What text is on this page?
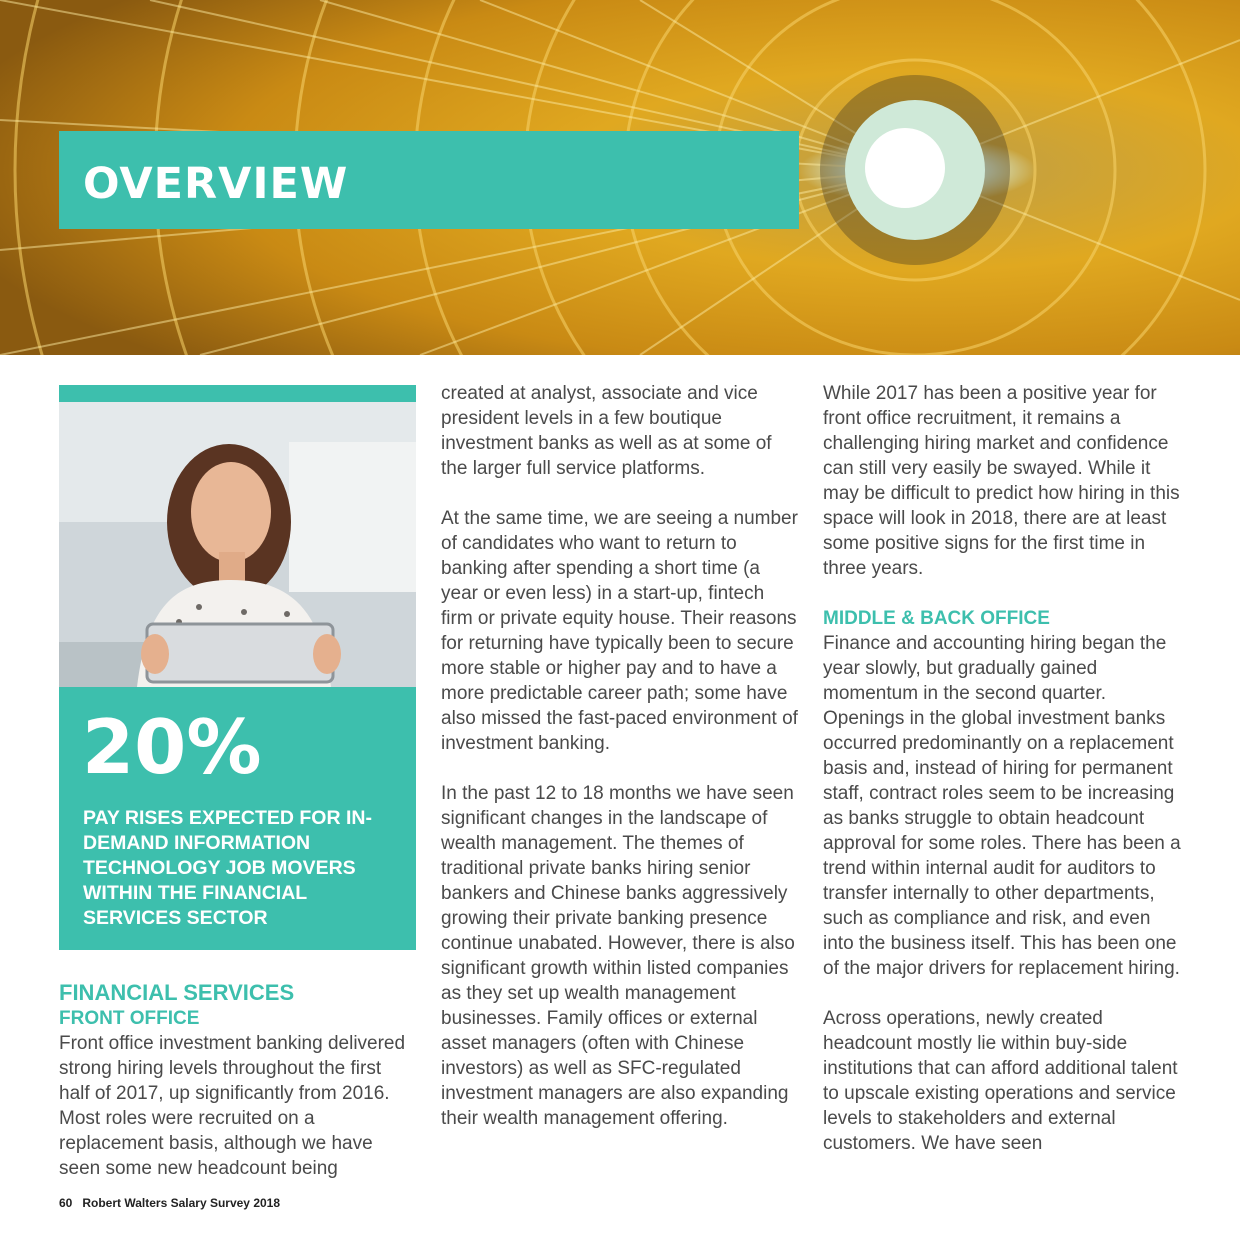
OVERVIEW
20%

PAY RISES EXPECTED FOR IN-DEMAND INFORMATION TECHNOLOGY JOB MOVERS WITHIN THE FINANCIAL SERVICES SECTOR

FINANCIAL SERVICES
FRONT OFFICE

Front office investment banking delivered strong hiring levels throughout the first half of 2017, up significantly from 2016. Most roles were recruited on a replacement basis, although we have seen some new headcount being

created at analyst, associate and vice president levels in a few boutique investment banks as well as at some of the larger full service platforms.

At the same time, we are seeing a number of candidates who want to return to banking after spending a short time (a year or even less) in a start-up, fintech firm or private equity house. Their reasons for returning have typically been to secure more stable or higher pay and to have a more predictable career path; some have also missed the fast-paced environment of investment banking.

In the past 12 to 18 months we have seen significant changes in the landscape of wealth management. The themes of traditional private banks hiring senior bankers and Chinese banks aggressively growing their private banking presence continue unabated. However, there is also significant growth within listed companies as they set up wealth management businesses. Family offices or external asset managers (often with Chinese investors) as well as SFC-regulated investment managers are also expanding their wealth management offering.

While 2017 has been a positive year for front office recruitment, it remains a challenging hiring market and confidence can still very easily be swayed. While it may be difficult to predict how hiring in this space will look in 2018, there are at least some positive signs for the first time in three years.

MIDDLE & BACK OFFICE

Finance and accounting hiring began the year slowly, but gradually gained momentum in the second quarter. Openings in the global investment banks occurred predominantly on a replacement basis and, instead of hiring for permanent staff, contract roles seem to be increasing as banks struggle to obtain headcount approval for some roles. There has been a trend within internal audit for auditors to transfer internally to other departments, such as compliance and risk, and even into the business itself. This has been one of the major drivers for replacement hiring.

Across operations, newly created headcount mostly lie within buy-side institutions that can afford additional talent to upscale existing operations and service levels to stakeholders and external customers. We have seen

60 Robert Walters Salary Survey 2018
